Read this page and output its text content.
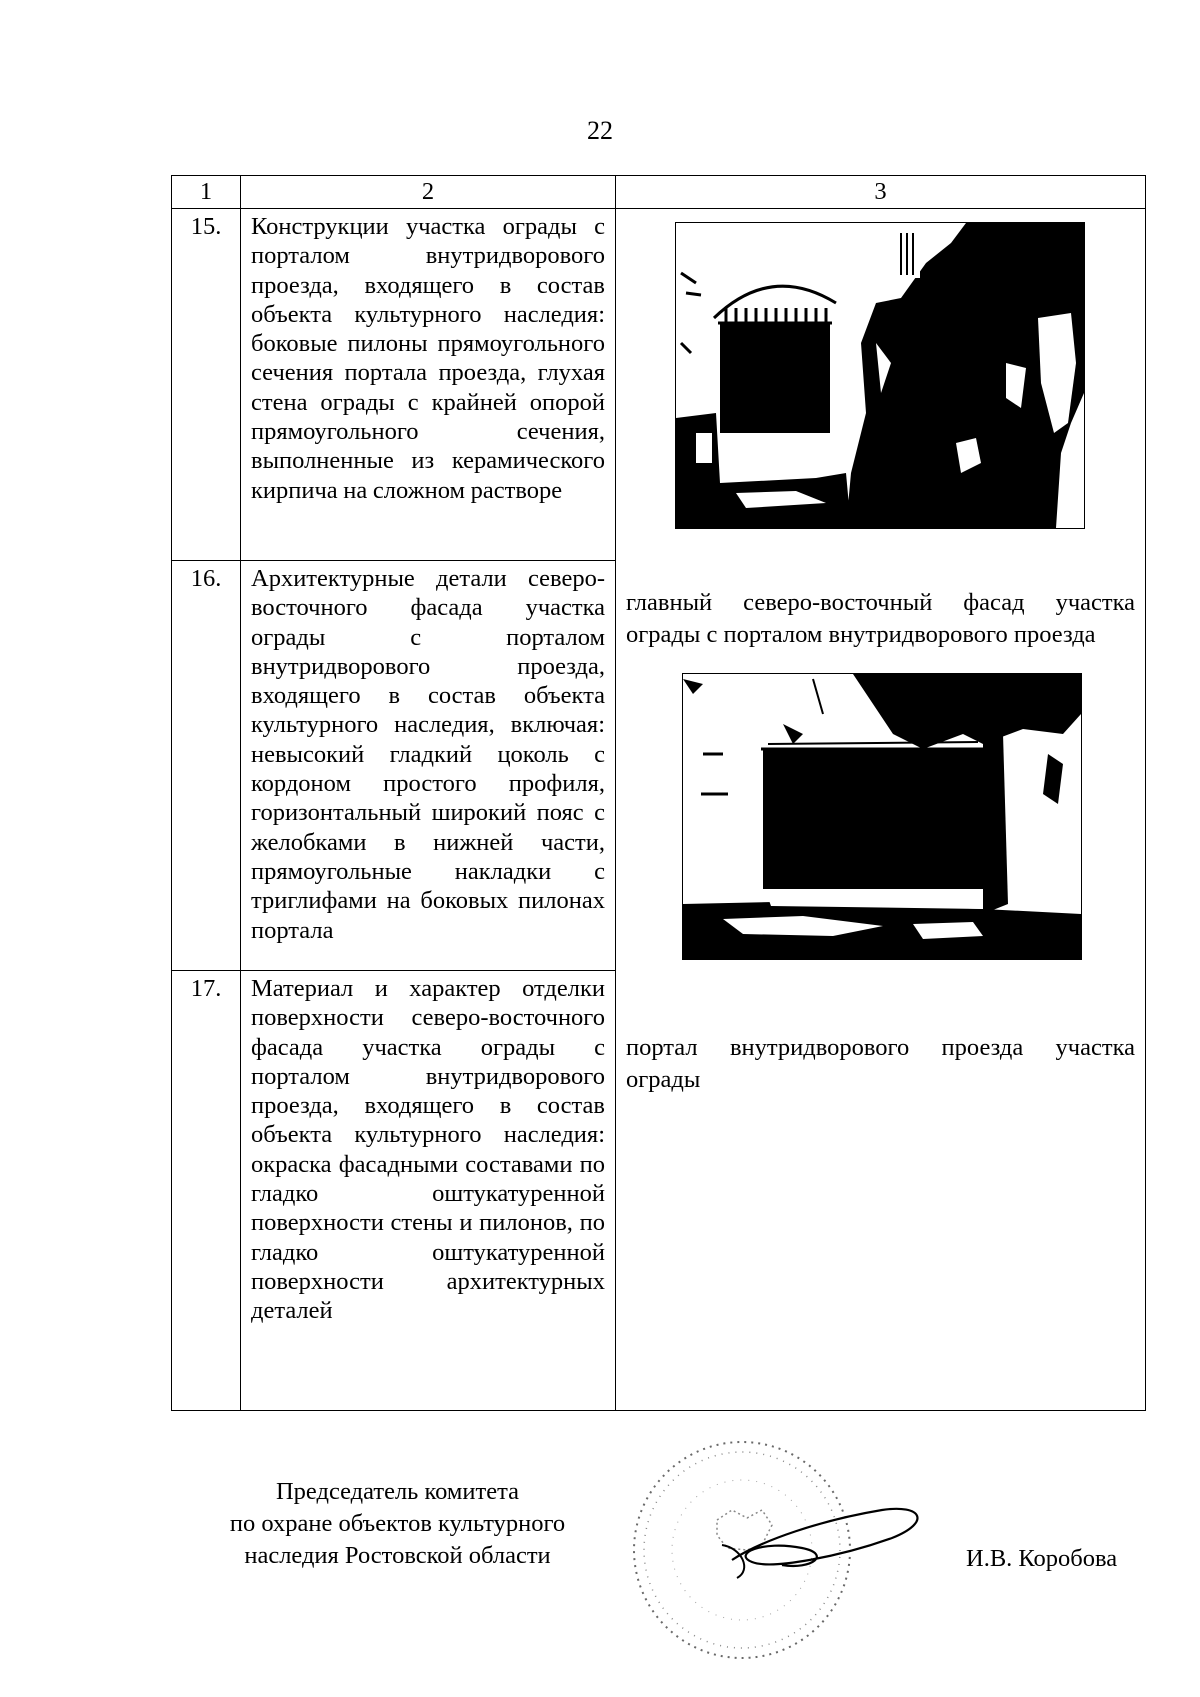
22
1	2	3

15.	Конструкции участка ограды с порталом внутридворового проезда, входящего в состав объекта культурного наследия: боковые пилоны прямоугольного сечения портала проезда, глухая стена ограды с крайней опорой прямоугольного сечения, выполненные из керамического кирпича на сложном растворе	главный северо-восточный фасад участка ограды с порталом внутридворового проезда
портал внутридворового проезда участка ограды

16.	Архитектурные детали северо-восточного фасада участка ограды с порталом внутридворового проезда, входящего в состав объекта культурного наследия, включая: невысокий гладкий цоколь с кордоном простого профиля, горизонтальный широкий пояс с желобками в нижней части, прямоугольные накладки с триглифами на боковых пилонах портала	

17.	Материал и характер отделки поверхности северо-восточного фасада участка ограды с порталом внутридворового проезда, входящего в состав объекта культурного наследия: окраска фасадными составами по гладко оштукатуренной поверхности стены и пилонов, по гладко оштукатуренной поверхности архитектурных деталей	
Председатель комитета
по охране объектов культурного
наследия Ростовской области	И.В. Коробова
